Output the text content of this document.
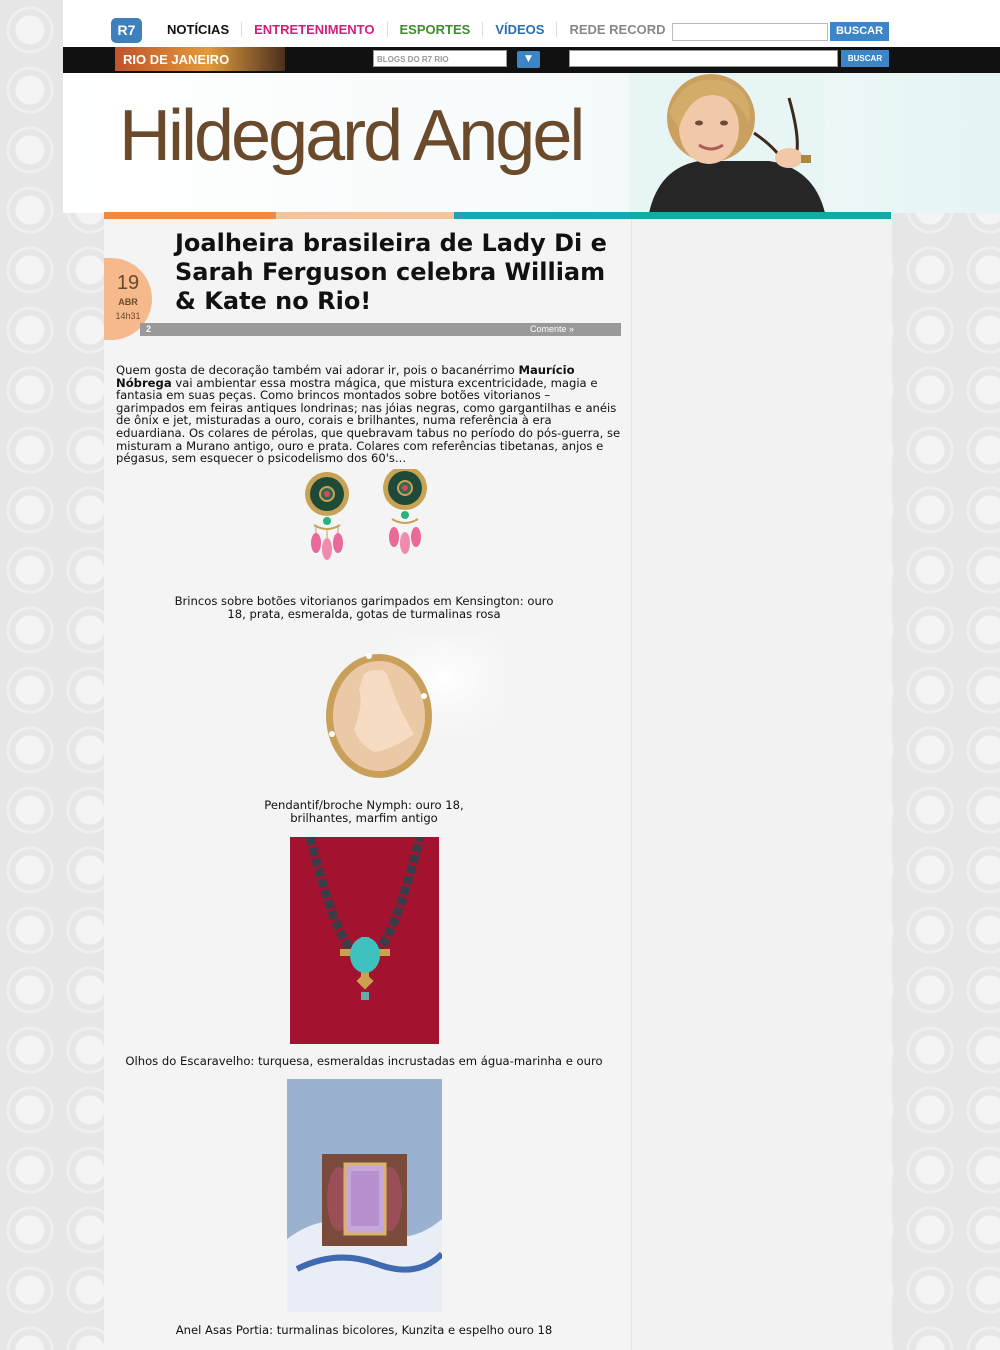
R7	NOTÍCIAS ENTRETENIMENTO ESPORTES VÍDEOS REDE RECORD	BUSCAR
RIO DE JANEIRO	BLOGS DO R7 RIO	▼	BUSCAR
Hildegard Angel
19
ABR
14h31
Joalheira brasileira de Lady Di e Sarah Ferguson celebra William & Kate no Rio!
2	Comente »
Quem gosta de decoração também vai adorar ir, pois o bacanérrimo Maurício Nóbrega vai ambientar essa mostra mágica, que mistura excentricidade, magia e fantasia em suas peças. Como brincos montados sobre botões vitorianos – garimpados em feiras antiques londrinas; nas jóias negras, como gargantilhas e anéis de ônix e jet, misturadas a ouro, corais e brilhantes, numa referência à era eduardiana. Os colares de pérolas, que quebravam tabus no período do pós-guerra, se misturam a Murano antigo, ouro e prata. Colares com referências tibetanas, anjos e pégasus, sem esquecer o psicodelismo dos 60's...
Brincos sobre botões vitorianos garimpados em Kensington: ouro 18, prata, esmeralda, gotas de turmalinas rosa
Pendantif/broche Nymph: ouro 18, brilhantes, marfim antigo
Olhos do Escaravelho: turquesa, esmeraldas incrustadas em água-marinha e ouro
Anel Asas Portia: turmalinas bicolores, Kunzita e espelho ouro 18
